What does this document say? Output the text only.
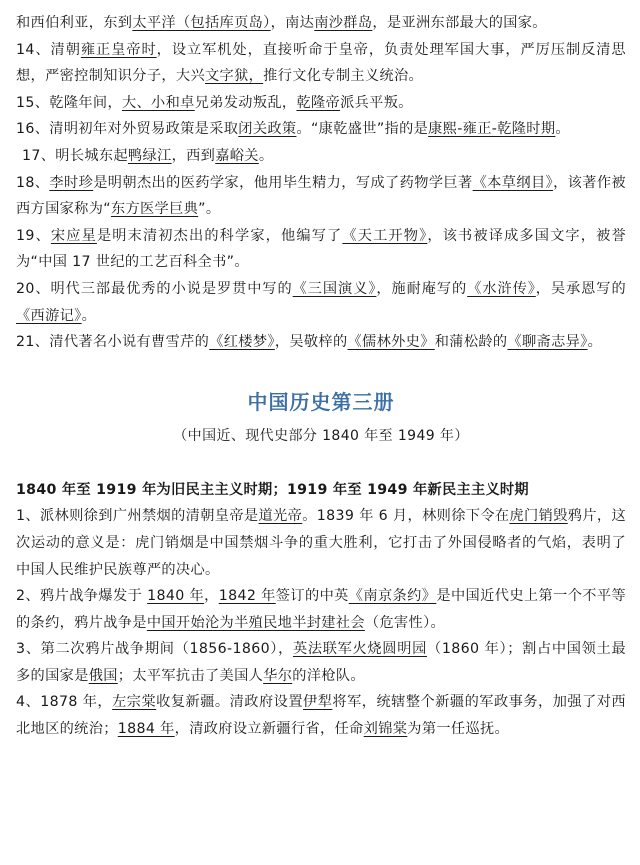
和西伯利亚，东到太平洋（包括库页岛），南达南沙群岛，是亚洲东部最大的国家。

14、清朝雍正皇帝时，设立军机处，直接听命于皇帝，负责处理军国大事，严厉压制反清思想，严密控制知识分子，大兴文字狱，推行文化专制主义统治。

15、乾隆年间，大、小和卓兄弟发动叛乱，乾隆帝派兵平叛。

16、清明初年对外贸易政策是采取闭关政策。“康乾盛世”指的是康熙-雍正-乾隆时期。

17、明长城东起鸭绿江，西到嘉峪关。

18、李时珍是明朝杰出的医药学家，他用毕生精力，写成了药物学巨著《本草纲目》，该著作被西方国家称为“东方医学巨典”。

19、宋应星是明末清初杰出的科学家，他编写了《天工开物》，该书被译成多国文字，被誉为“中国 17 世纪的工艺百科全书”。

20、明代三部最优秀的小说是罗贯中写的《三国演义》，施耐庵写的《水浒传》，吴承恩写的《西游记》。

21、清代著名小说有曹雪芹的《红楼梦》，吴敬梓的《儒林外史》和蒲松龄的《聊斋志异》。

中国历史第三册
（中国近、现代史部分 1840 年至 1949 年）

1840 年至 1919 年为旧民主主义时期；1919 年至 1949 年新民主主义时期

1、派林则徐到广州禁烟的清朝皇帝是道光帝。1839 年 6 月，林则徐下令在虎门销毁鸦片，这次运动的意义是：虎门销烟是中国禁烟斗争的重大胜利，它打击了外国侵略者的气焰，表明了中国人民维护民族尊严的决心。

2、鸦片战争爆发于 1840 年，1842 年签订的中英《南京条约》是中国近代史上第一个不平等的条约，鸦片战争是中国开始沦为半殖民地半封建社会（危害性）。

3、第二次鸦片战争期间（1856-1860），英法联军火烧圆明园（1860 年）；割占中国领土最多的国家是俄国；太平军抗击了美国人华尔的洋枪队。

4、1878 年，左宗棠收复新疆。清政府设置伊犁将军，统辖整个新疆的军政事务，加强了对西北地区的统治；1884 年，清政府设立新疆行省，任命刘锦棠为第一任巡抚。
